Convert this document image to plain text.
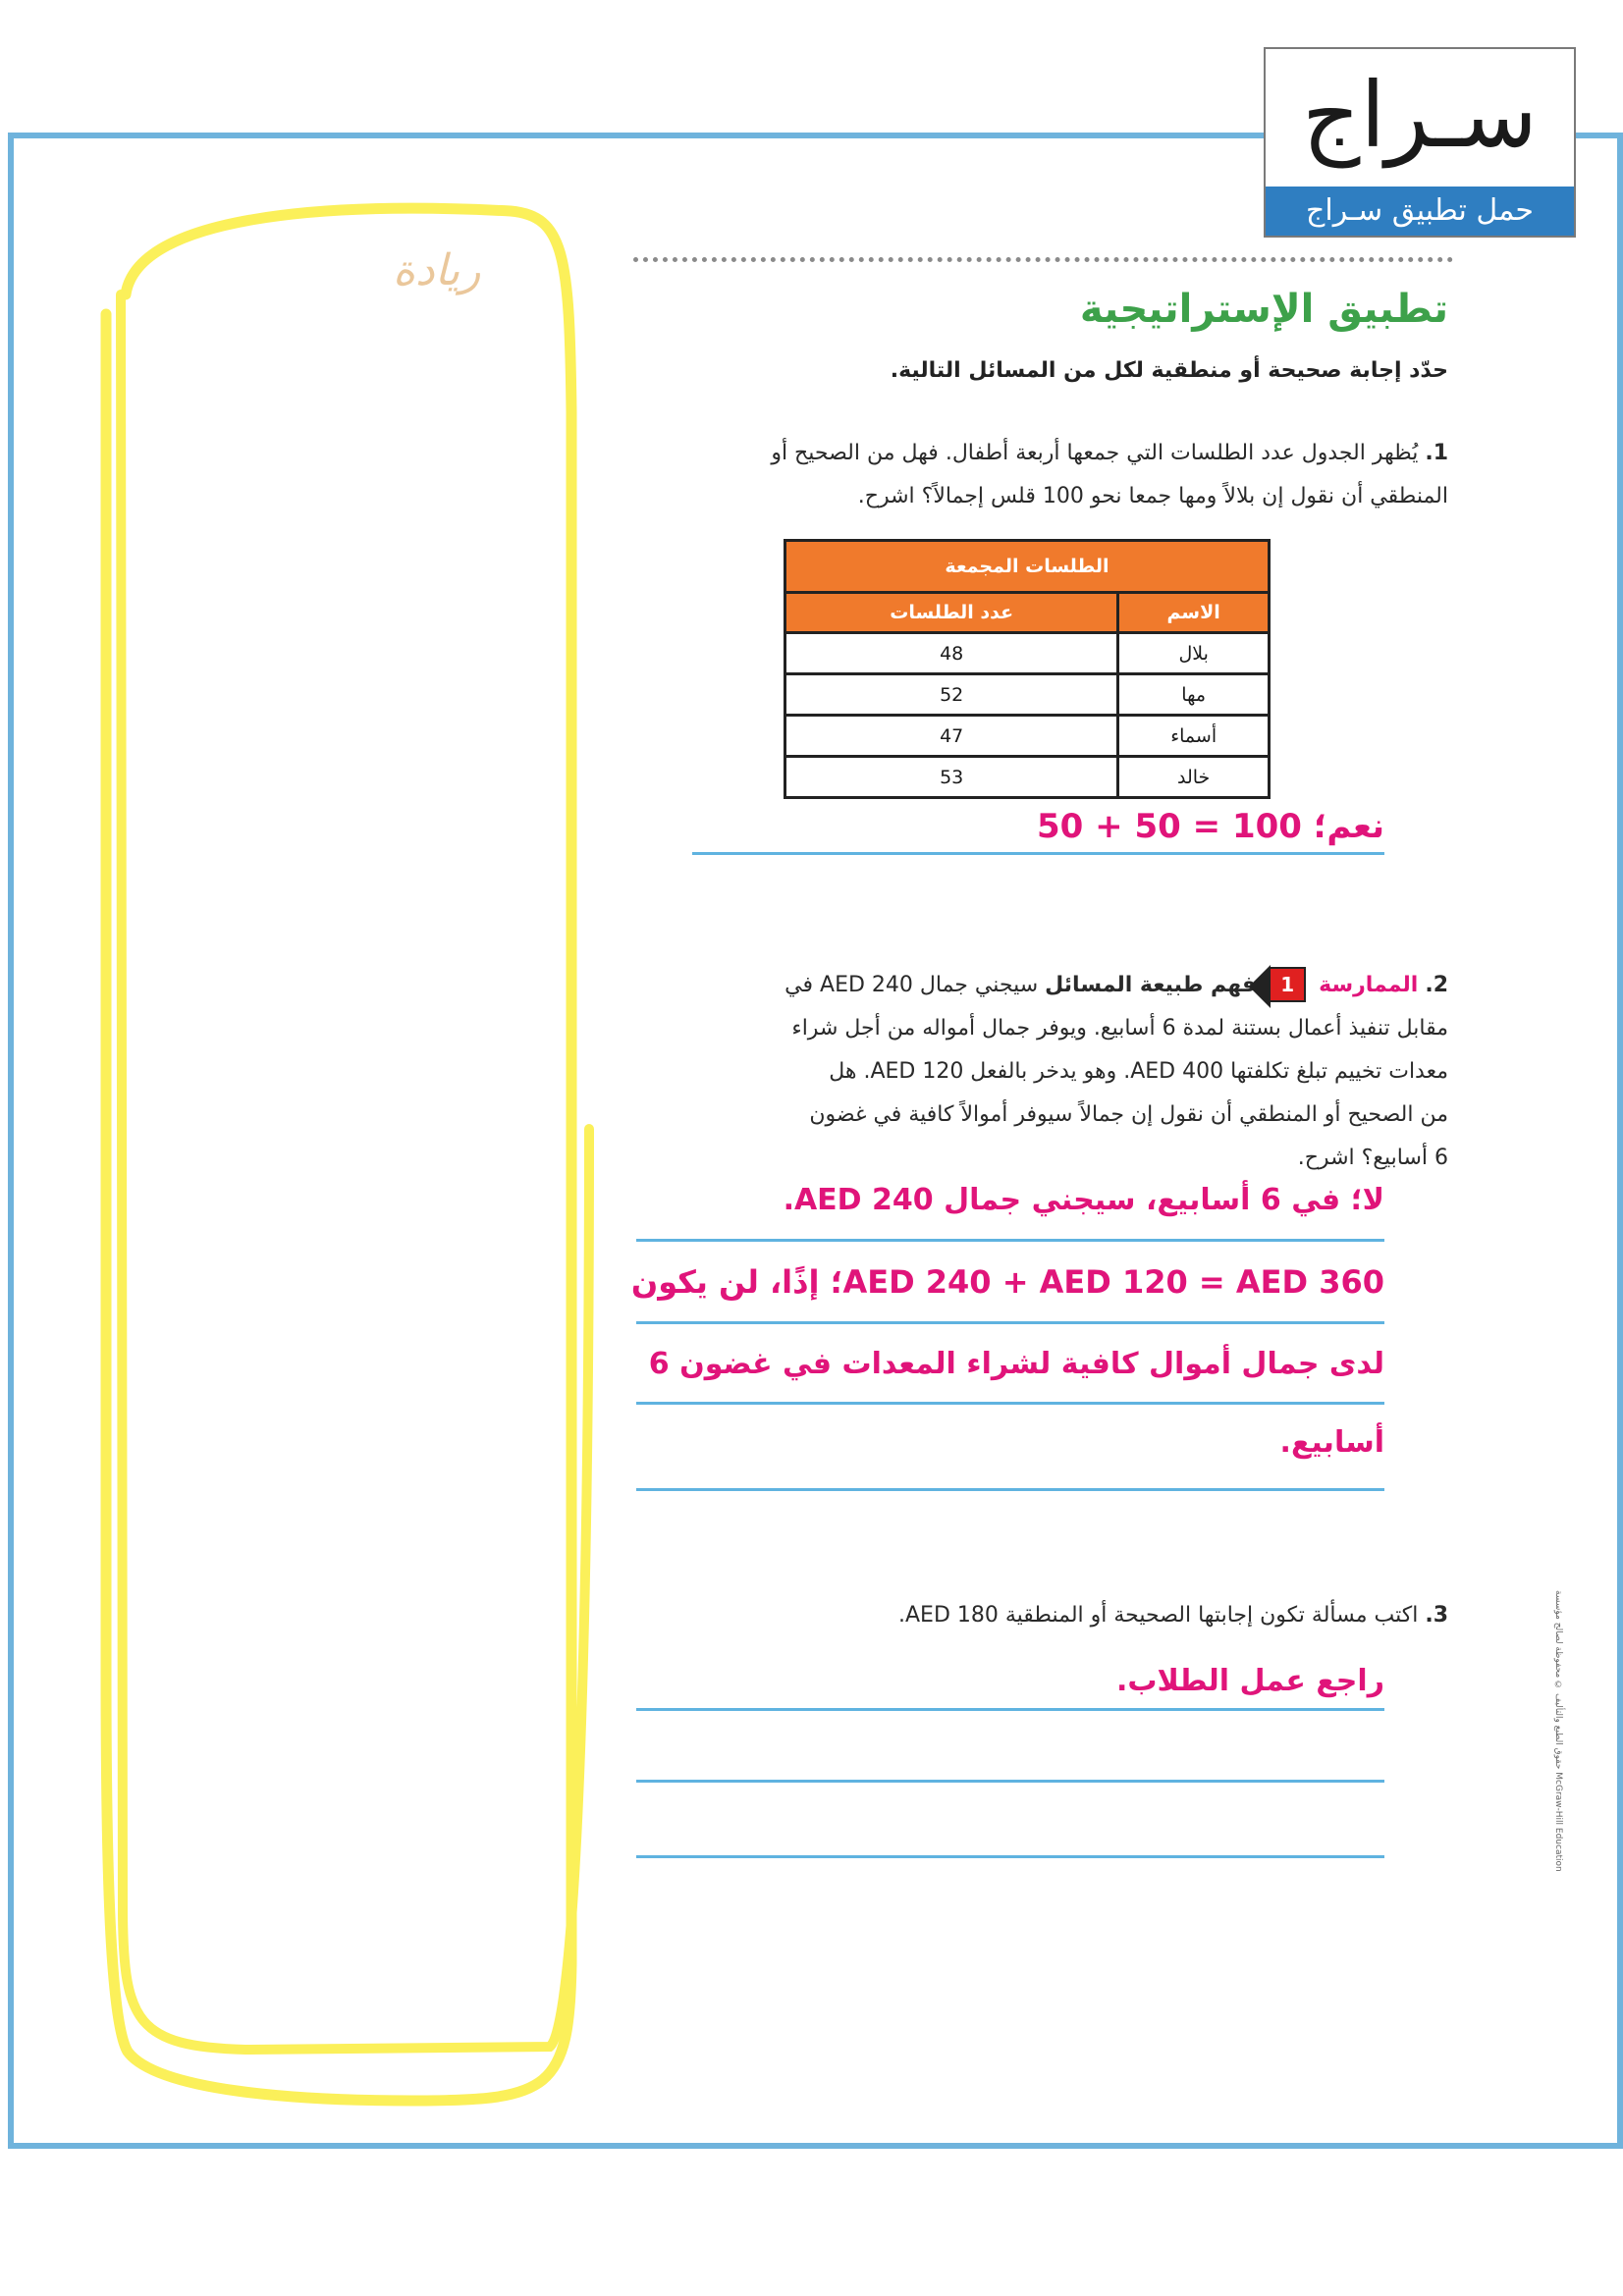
ريادة
سـراج
حمل تطبيق سـراج
تطبيق الإستراتيجية
حدّد إجابة صحيحة أو منطقية لكل من المسائل التالية.
1. يُظهر الجدول عدد الطلسات التي جمعها أربعة أطفال. فهل من الصحيح أو
المنطقي أن نقول إن بلالاً ومها جمعا نحو 100 قلس إجمالاً؟ اشرح.
الطلسات المجمعة	
الاسم	عدد الطلسات
بلال	48
مها	52
أسماء	47
خالد	53
نعم؛ 100 = 50 + 50
2. الممارسة 1 فهم طبيعة المسائل سيجني جمال AED 240 في
مقابل تنفيذ أعمال بستنة لمدة 6 أسابيع. ويوفر جمال أمواله من أجل شراء
معدات تخييم تبلغ تكلفتها AED 400. وهو يدخر بالفعل AED 120. هل
من الصحيح أو المنطقي أن نقول إن جمالاً سيوفر أموالاً كافية في غضون
6 أسابيع؟ اشرح.
لا؛ في 6 أسابيع، سيجني جمال AED 240.
AED 240 + AED 120 = AED 360؛ إذًا، لن يكون
لدى جمال أموال كافية لشراء المعدات في غضون 6
أسابيع.
3. اكتب مسألة تكون إجابتها الصحيحة أو المنطقية AED 180.
راجع عمل الطلاب.	حقوق الطبع والتأليف © محفوظة لصالح مؤسسة McGraw-Hill Education
